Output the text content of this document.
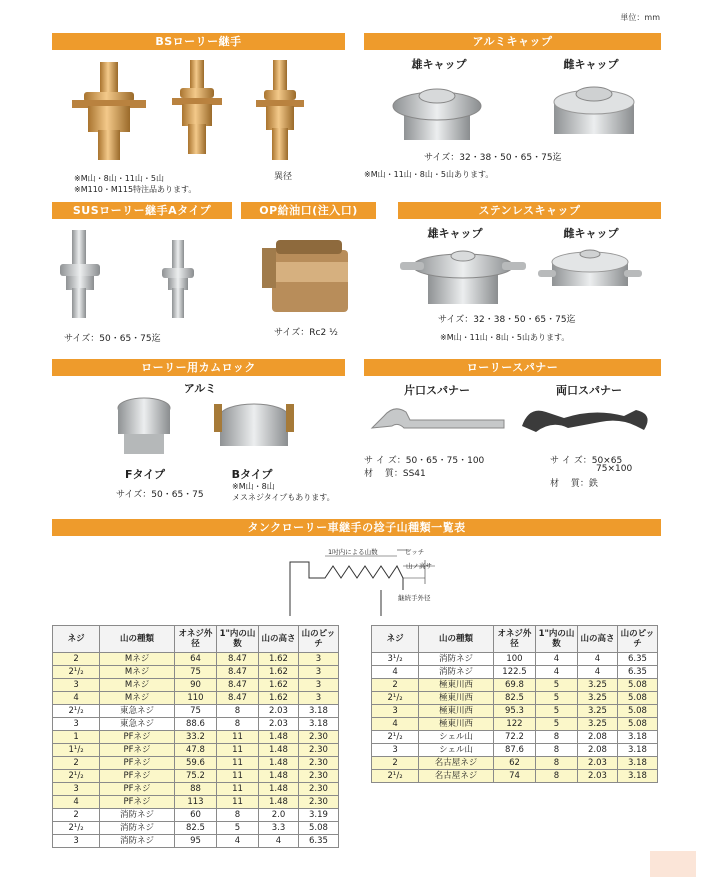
単位：mm
BSローリー継手
※M山・8山・11山・5山
※M110・M115特注品あります。
異径
アルミキャップ
雄キャップ	雌キャップ
サイズ：32・38・50・65・75迄
※M山・11山・8山・5山あります。
SUSローリー継手Aタイプ
サイズ：50・65・75迄
OP給油口(注入口)
サイズ：Rc2 ½
ステンレスキャップ
雄キャップ	雌キャップ
サイズ：32・38・50・65・75迄
※M山・11山・8山・5山あります。
ローリー用カムロック
アルミ
Fタイプ	Bタイプ
サイズ：50・65・75
※M山・8山
メスネジタイプもあります。
ローリースパナー
片口スパナー	両口スパナー
サ イ ズ：50・65・75・100
材　 質：SS41
サ イ ズ：50×65
75×100
材　 質：鉄
タンクローリー車継手の捻子山種類一覧表
1吋内による山数	ピッチ
山ノ高サ
継続手外径
ネジ	山の種類	オネジ外径	1"内の山数	山の高さ	山のピッチ
2	Mネジ	64	8.47	1.62	3
2¹/₂	Mネジ	75	8.47	1.62	3
3	Mネジ	90	8.47	1.62	3
4	Mネジ	110	8.47	1.62	3
2¹/₂	東急ネジ	75	8	2.03	3.18
3	東急ネジ	88.6	8	2.03	3.18
1	PFネジ	33.2	11	1.48	2.30
1¹/₂	PFネジ	47.8	11	1.48	2.30
2	PFネジ	59.6	11	1.48	2.30
2¹/₂	PFネジ	75.2	11	1.48	2.30
3	PFネジ	88	11	1.48	2.30
4	PFネジ	113	11	1.48	2.30
2	消防ネジ	60	8	2.0	3.19
2¹/₂	消防ネジ	82.5	5	3.3	5.08
3	消防ネジ	95	4	4	6.35
ネジ	山の種類	オネジ外径	1"内の山数	山の高さ	山のピッチ
3¹/₂	消防ネジ	100	4	4	6.35
4	消防ネジ	122.5	4	4	6.35
2	極東川西	69.8	5	3.25	5.08
2¹/₂	極東川西	82.5	5	3.25	5.08
3	極東川西	95.3	5	3.25	5.08
4	極東川西	122	5	3.25	5.08
2¹/₂	シェル山	72.2	8	2.08	3.18
3	シェル山	87.6	8	2.08	3.18
2	名古屋ネジ	62	8	2.03	3.18
2¹/₂	名古屋ネジ	74	8	2.03	3.18
